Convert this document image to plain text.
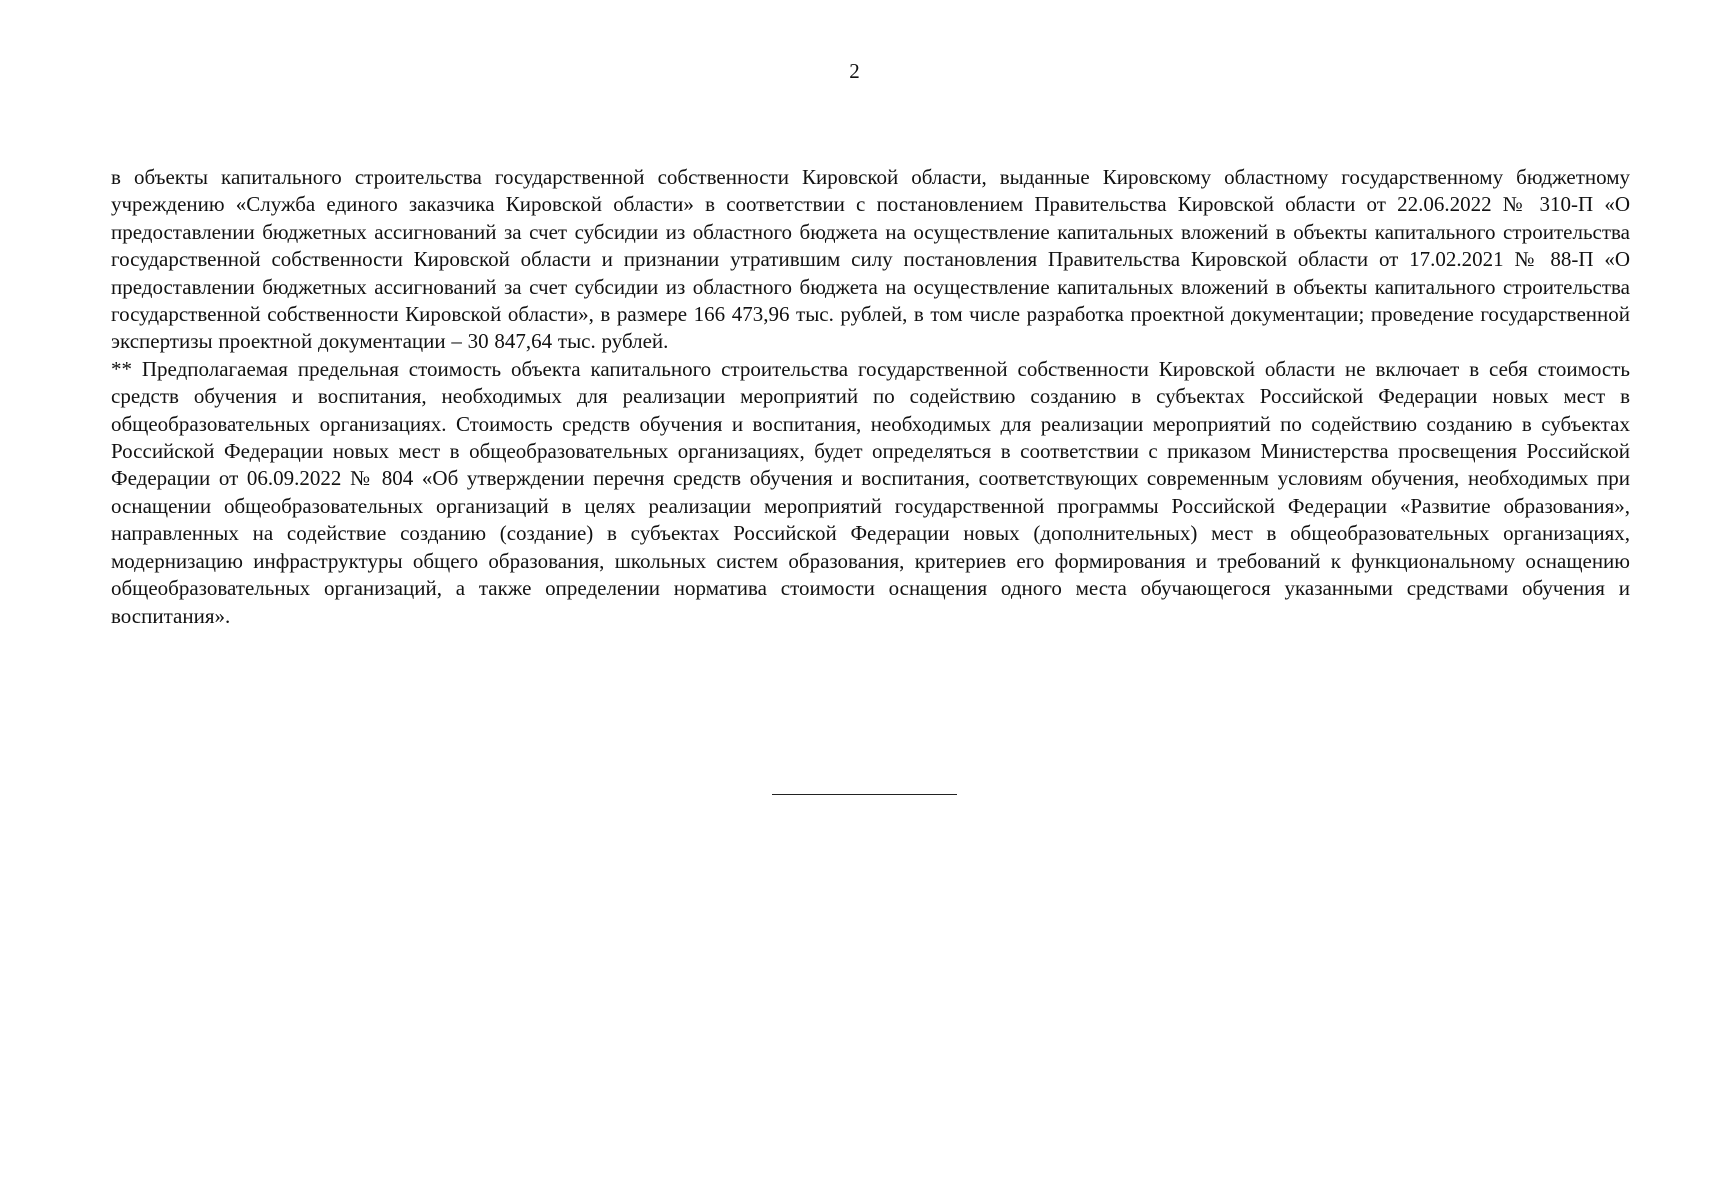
2

в объекты капитального строительства государственной собственности Кировской области, выданные Кировскому областному государственному бюджетному учреждению «Служба единого заказчика Кировской области» в соответствии с постановлением Правительства Кировской области от 22.06.2022 № 310-П «О предоставлении бюджетных ассигнований за счет субсидии из областного бюджета на осуществление капитальных вложений в объекты капитального строительства государственной собственности Кировской области и признании утратившим силу постановления Правительства Кировской области от 17.02.2021 № 88-П «О предоставлении бюджетных ассигнований за счет субсидии из областного бюджета на осуществление капитальных вложений в объекты капитального строительства государственной собственности Кировской области», в размере 166 473,96 тыс. рублей, в том числе разработка проектной документации; проведение государственной экспертизы проектной документации – 30 847,64 тыс. рублей.

** Предполагаемая предельная стоимость объекта капитального строительства государственной собственности Кировской области не включает в себя стоимость средств обучения и воспитания, необходимых для реализации мероприятий по содействию созданию в субъектах Российской Федерации новых мест в общеобразовательных организациях. Стоимость средств обучения и воспитания, необходимых для реализации мероприятий по содействию созданию в субъектах Российской Федерации новых мест в общеобразовательных организациях, будет определяться в соответствии с приказом Министерства просвещения Российской Федерации от 06.09.2022 № 804 «Об утверждении перечня средств обучения и воспитания, соответствующих современным условиям обучения, необходимых при оснащении общеобразовательных организаций в целях реализации мероприятий государственной программы Российской Федерации «Развитие образования», направленных на содействие созданию (создание) в субъектах Российской Федерации новых (дополнительных) мест в общеобразовательных организациях, модернизацию инфраструктуры общего образования, школьных систем образования, критериев его формирования и требований к функциональному оснащению общеобразовательных организаций, а также определении норматива стоимости оснащения одного места обучающегося указанными средствами обучения и воспитания».
